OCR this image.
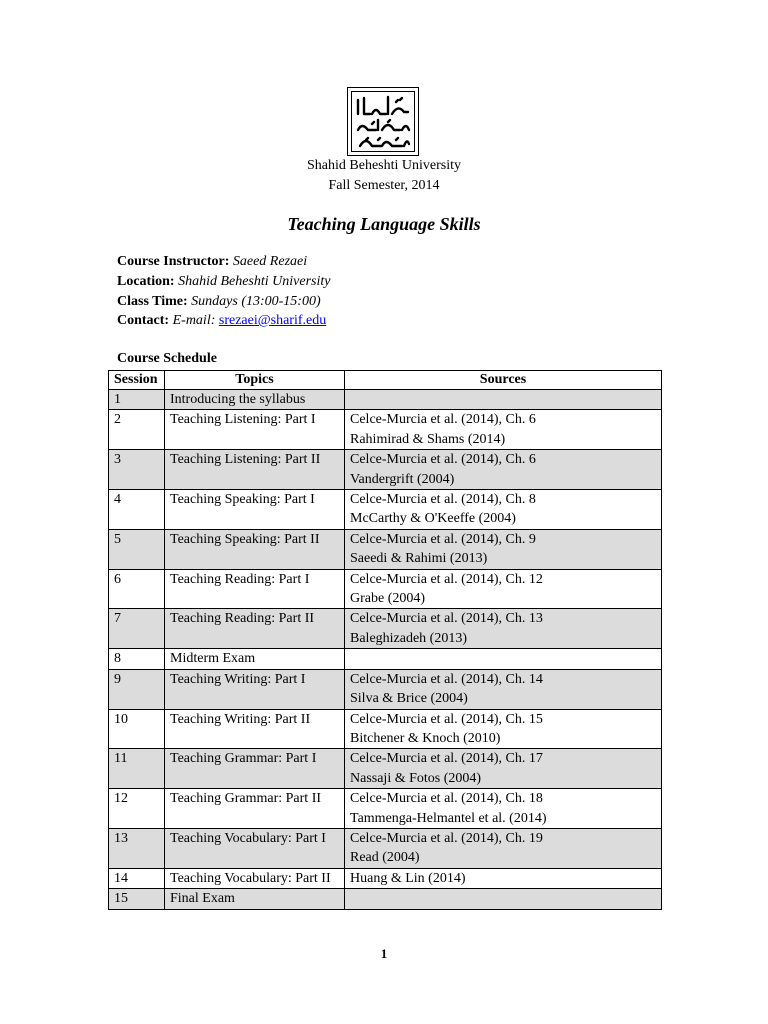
Shahid Beheshti University
Fall Semester, 2014
Teaching Language Skills
Course Instructor: Saeed Rezaei
Location: Shahid Beheshti University
Class Time: Sundays (13:00-15:00)
Contact: E-mail: srezaei@sharif.edu
Course Schedule
Session	Topics	Sources
1	Introducing the syllabus	
2	Teaching Listening: Part I	Celce-Murcia et al. (2014), Ch. 6
Rahimirad & Shams (2014)

3	Teaching Listening: Part II	Celce-Murcia et al. (2014), Ch. 6
Vandergrift (2004)

4	Teaching Speaking: Part I	Celce-Murcia et al. (2014), Ch. 8
McCarthy & O'Keeffe (2004)

5	Teaching Speaking: Part II	Celce-Murcia et al. (2014), Ch. 9
Saeedi & Rahimi (2013)

6	Teaching Reading: Part I	Celce-Murcia et al. (2014), Ch. 12
Grabe (2004)

7	Teaching Reading: Part II	Celce-Murcia et al. (2014), Ch. 13
Baleghizadeh (2013)

8	Midterm Exam	
9	Teaching Writing: Part I	Celce-Murcia et al. (2014), Ch. 14
Silva & Brice (2004)

10	Teaching Writing: Part II	Celce-Murcia et al. (2014), Ch. 15
Bitchener & Knoch (2010)

11	Teaching Grammar: Part I	Celce-Murcia et al. (2014), Ch. 17
Nassaji & Fotos (2004)

12	Teaching Grammar: Part II	Celce-Murcia et al. (2014), Ch. 18
Tammenga-Helmantel et al. (2014)

13	Teaching Vocabulary: Part I	Celce-Murcia et al. (2014), Ch. 19
Read (2004)

14	Teaching Vocabulary: Part II	Huang & Lin (2014)

15	Final Exam	
1
